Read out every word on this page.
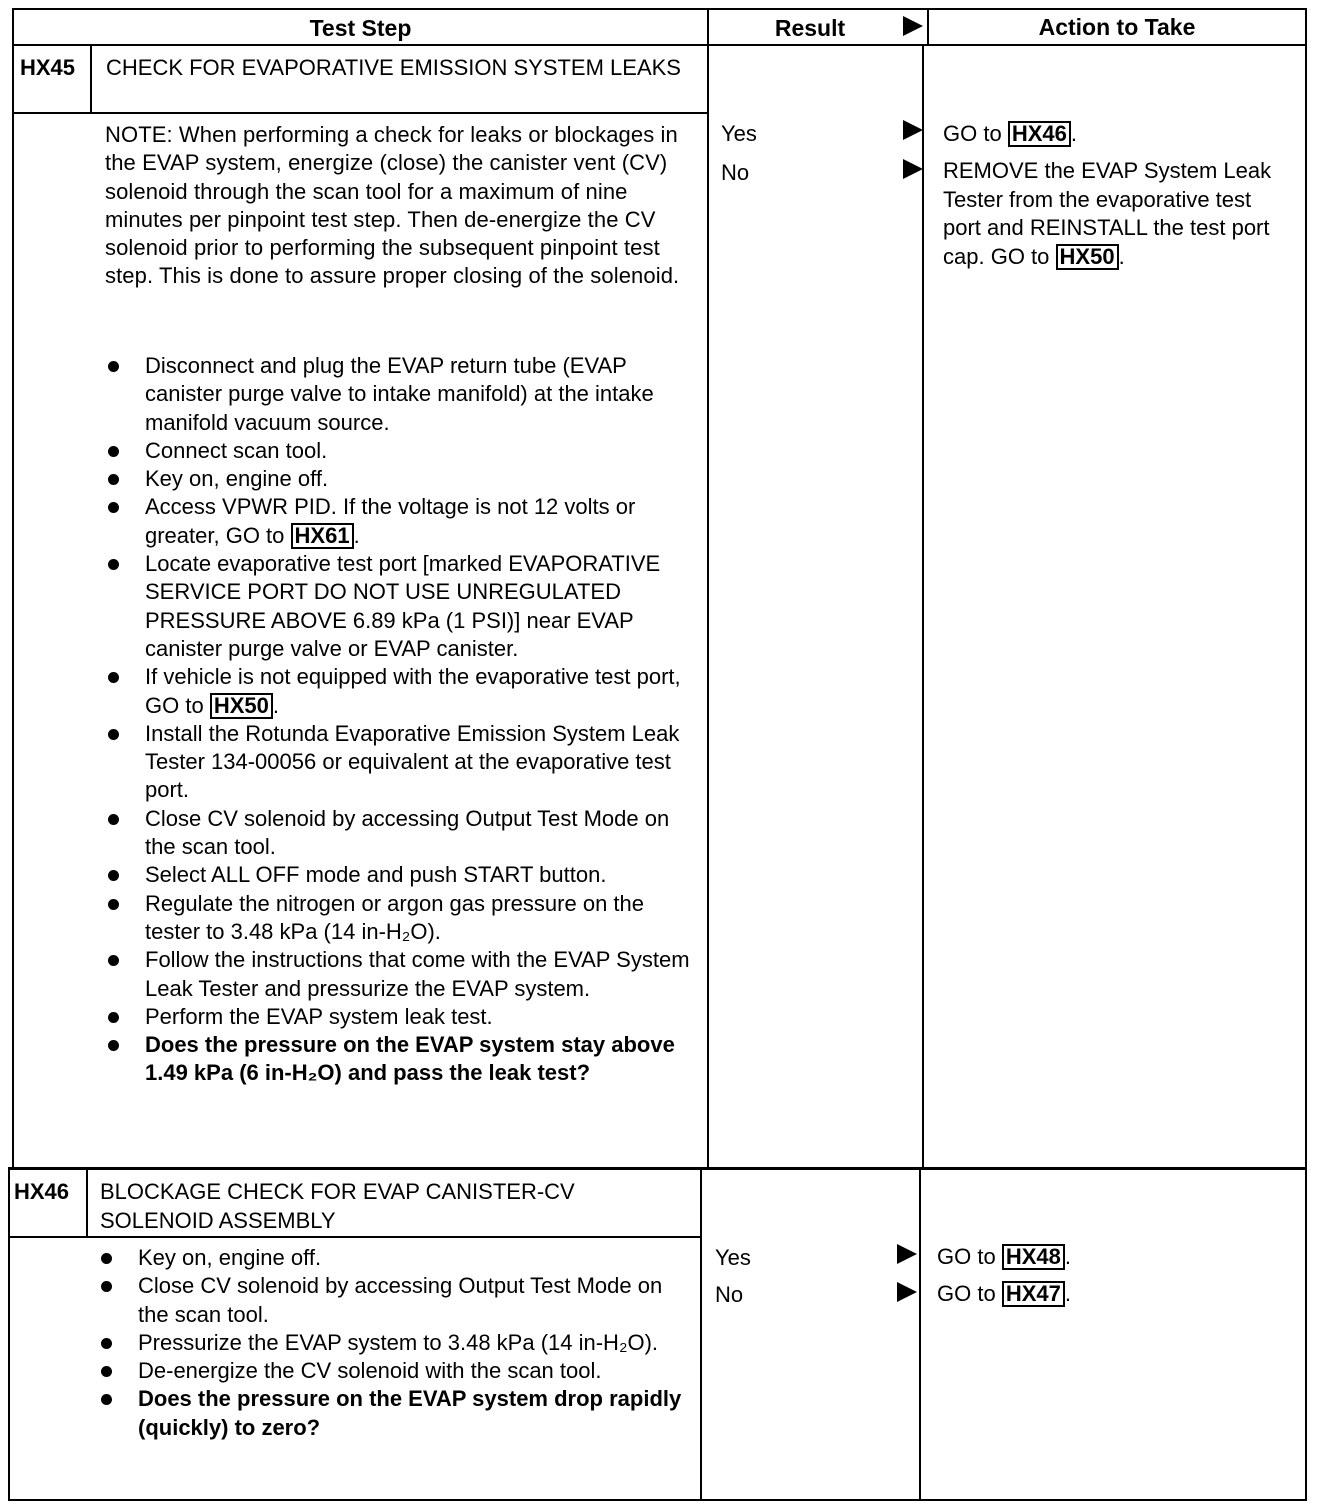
Test Step	Result	Action to Take
HX45 CHECK FOR EVAPORATIVE EMISSION SYSTEM LEAKS
NOTE: When performing a check for leaks or blockages in the EVAP system, energize (close) the canister vent (CV) solenoid through the scan tool for a maximum of nine minutes per pinpoint test step. Then de-energize the CV solenoid prior to performing the subsequent pinpoint test step. This is done to assure proper closing of the solenoid.
Disconnect and plug the EVAP return tube (EVAP canister purge valve to intake manifold) at the intake manifold vacuum source.
Connect scan tool.
Key on, engine off.
Access VPWR PID. If the voltage is not 12 volts or greater, GO to HX61 .
Locate evaporative test port [marked EVAPORATIVE SERVICE PORT DO NOT USE UNREGULATED PRESSURE ABOVE 6.89 kPa (1 PSI)] near EVAP canister purge valve or EVAP canister.
If vehicle is not equipped with the evaporative test port, GO to HX50 .
Install the Rotunda Evaporative Emission System Leak Tester 134-00056 or equivalent at the evaporative test port.
Close CV solenoid by accessing Output Test Mode on the scan tool.
Select ALL OFF mode and push START button.
Regulate the nitrogen or argon gas pressure on the tester to 3.48 kPa (14 in-H₂O).
Follow the instructions that come with the EVAP System Leak Tester and pressurize the EVAP system.
Perform the EVAP system leak test.
Does the pressure on the EVAP system stay above 1.49 kPa (6 in-H₂O) and pass the leak test?
Yes	GO to HX46 .
No	REMOVE the EVAP System Leak Tester from the evaporative test port and REINSTALL the test port cap. GO to HX50 .
HX46 BLOCKAGE CHECK FOR EVAP CANISTER-CV SOLENOID ASSEMBLY
Key on, engine off.
Close CV solenoid by accessing Output Test Mode on the scan tool.
Pressurize the EVAP system to 3.48 kPa (14 in-H₂O).
De-energize the CV solenoid with the scan tool.
Does the pressure on the EVAP system drop rapidly (quickly) to zero?
Yes	GO to HX48 .
No	GO to HX47 .
